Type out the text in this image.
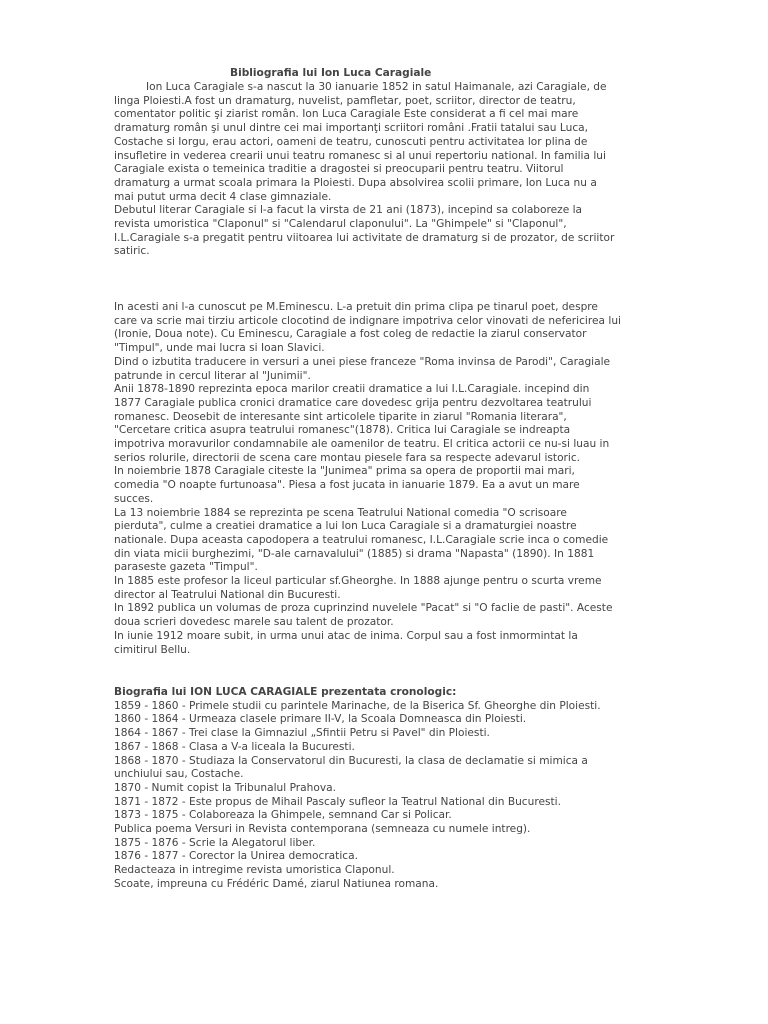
Bibliografia lui Ion Luca Caragiale

Ion Luca Caragiale s-a nascut la 30 ianuarie 1852 in satul Haimanale, azi Caragiale, de

linga Ploiesti.A fost un dramaturg, nuvelist, pamfletar, poet, scriitor, director de teatru,

comentator politic şi ziarist român. Ion Luca Caragiale Este considerat a fi cel mai mare

dramaturg român şi unul dintre cei mai importanţi scriitori români .Fratii tatalui sau Luca,

Costache si Iorgu, erau actori, oameni de teatru, cunoscuti pentru activitatea lor plina de

insufletire in vederea crearii unui teatru romanesc si al unui repertoriu national. In familia lui

Caragiale exista o temeinica traditie a dragostei si preocuparii pentru teatru. Viitorul

dramaturg a urmat scoala primara la Ploiesti. Dupa absolvirea scolii primare, Ion Luca nu a

mai putut urma decit 4 clase gimnaziale.

Debutul literar Caragiale si l-a facut la virsta de 21 ani (1873), incepind sa colaboreze la

revista umoristica "Claponul" si "Calendarul claponului". La "Ghimpele" si "Claponul",

I.L.Caragiale s-a pregatit pentru viitoarea lui activitate de dramaturg si de prozator, de scriitor

satiric.

In acesti ani l-a cunoscut pe M.Eminescu. L-a pretuit din prima clipa pe tinarul poet, despre

care va scrie mai tirziu articole clocotind de indignare impotriva celor vinovati de nefericirea lui

(Ironie, Doua note). Cu Eminescu, Caragiale a fost coleg de redactie la ziarul conservator

"Timpul", unde mai lucra si Ioan Slavici.

Dind o izbutita traducere in versuri a unei piese franceze "Roma invinsa de Parodi", Caragiale

patrunde in cercul literar al "Junimii".

Anii 1878-1890 reprezinta epoca marilor creatii dramatice a lui I.L.Caragiale. incepind din

1877 Caragiale publica cronici dramatice care dovedesc grija pentru dezvoltarea teatrului

romanesc. Deosebit de interesante sint articolele tiparite in ziarul "Romania literara",

"Cercetare critica asupra teatrului romanesc"(1878). Critica lui Caragiale se indreapta

impotriva moravurilor condamnabile ale oamenilor de teatru. El critica actorii ce nu-si luau in

serios rolurile, directorii de scena care montau piesele fara sa respecte adevarul istoric.

In noiembrie 1878 Caragiale citeste la "Junimea" prima sa opera de proportii mai mari,

comedia "O noapte furtunoasa". Piesa a fost jucata in ianuarie 1879. Ea a avut un mare

succes.

La 13 noiembrie 1884 se reprezinta pe scena Teatrului National comedia "O scrisoare

pierduta", culme a creatiei dramatice a lui Ion Luca Caragiale si a dramaturgiei noastre

nationale. Dupa aceasta capodopera a teatrului romanesc, I.L.Caragiale scrie inca o comedie

din viata micii burghezimi, "D-ale carnavalului" (1885) si drama "Napasta" (1890). In 1881

paraseste gazeta "Timpul".

In 1885 este profesor la liceul particular sf.Gheorghe. In 1888 ajunge pentru o scurta vreme

director al Teatrului National din Bucuresti.

In 1892 publica un volumas de proza cuprinzind nuvelele "Pacat" si "O faclie de pasti". Aceste

doua scrieri dovedesc marele sau talent de prozator.

In iunie 1912 moare subit, in urma unui atac de inima. Corpul sau a fost inmormintat la

cimitirul Bellu.

Biografia lui ION LUCA CARAGIALE prezentata cronologic:

1859 - 1860 - Primele studii cu parintele Marinache, de la Biserica Sf. Gheorghe din Ploiesti.

1860 - 1864 - Urmeaza clasele primare II-V, la Scoala Domneasca din Ploiesti.

1864 - 1867 - Trei clase la Gimnaziul „Sfintii Petru si Pavel" din Ploiesti.

1867 - 1868 - Clasa a V-a liceala la Bucuresti.

1868 - 1870 - Studiaza la Conservatorul din Bucuresti, la clasa de declamatie si mimica a

unchiului sau, Costache.

1870 - Numit copist la Tribunalul Prahova.

1871 - 1872 - Este propus de Mihail Pascaly sufleor la Teatrul National din Bucuresti.

1873 - 1875 - Colaboreaza la Ghimpele, semnand Car si Policar.

Publica poema Versuri in Revista contemporana (semneaza cu numele intreg).

1875 - 1876 - Scrie la Alegatorul liber.

1876 - 1877 - Corector la Unirea democratica.

Redacteaza in intregime revista umoristica Claponul.

Scoate, impreuna cu Frédéric Damé, ziarul Natiunea romana.
